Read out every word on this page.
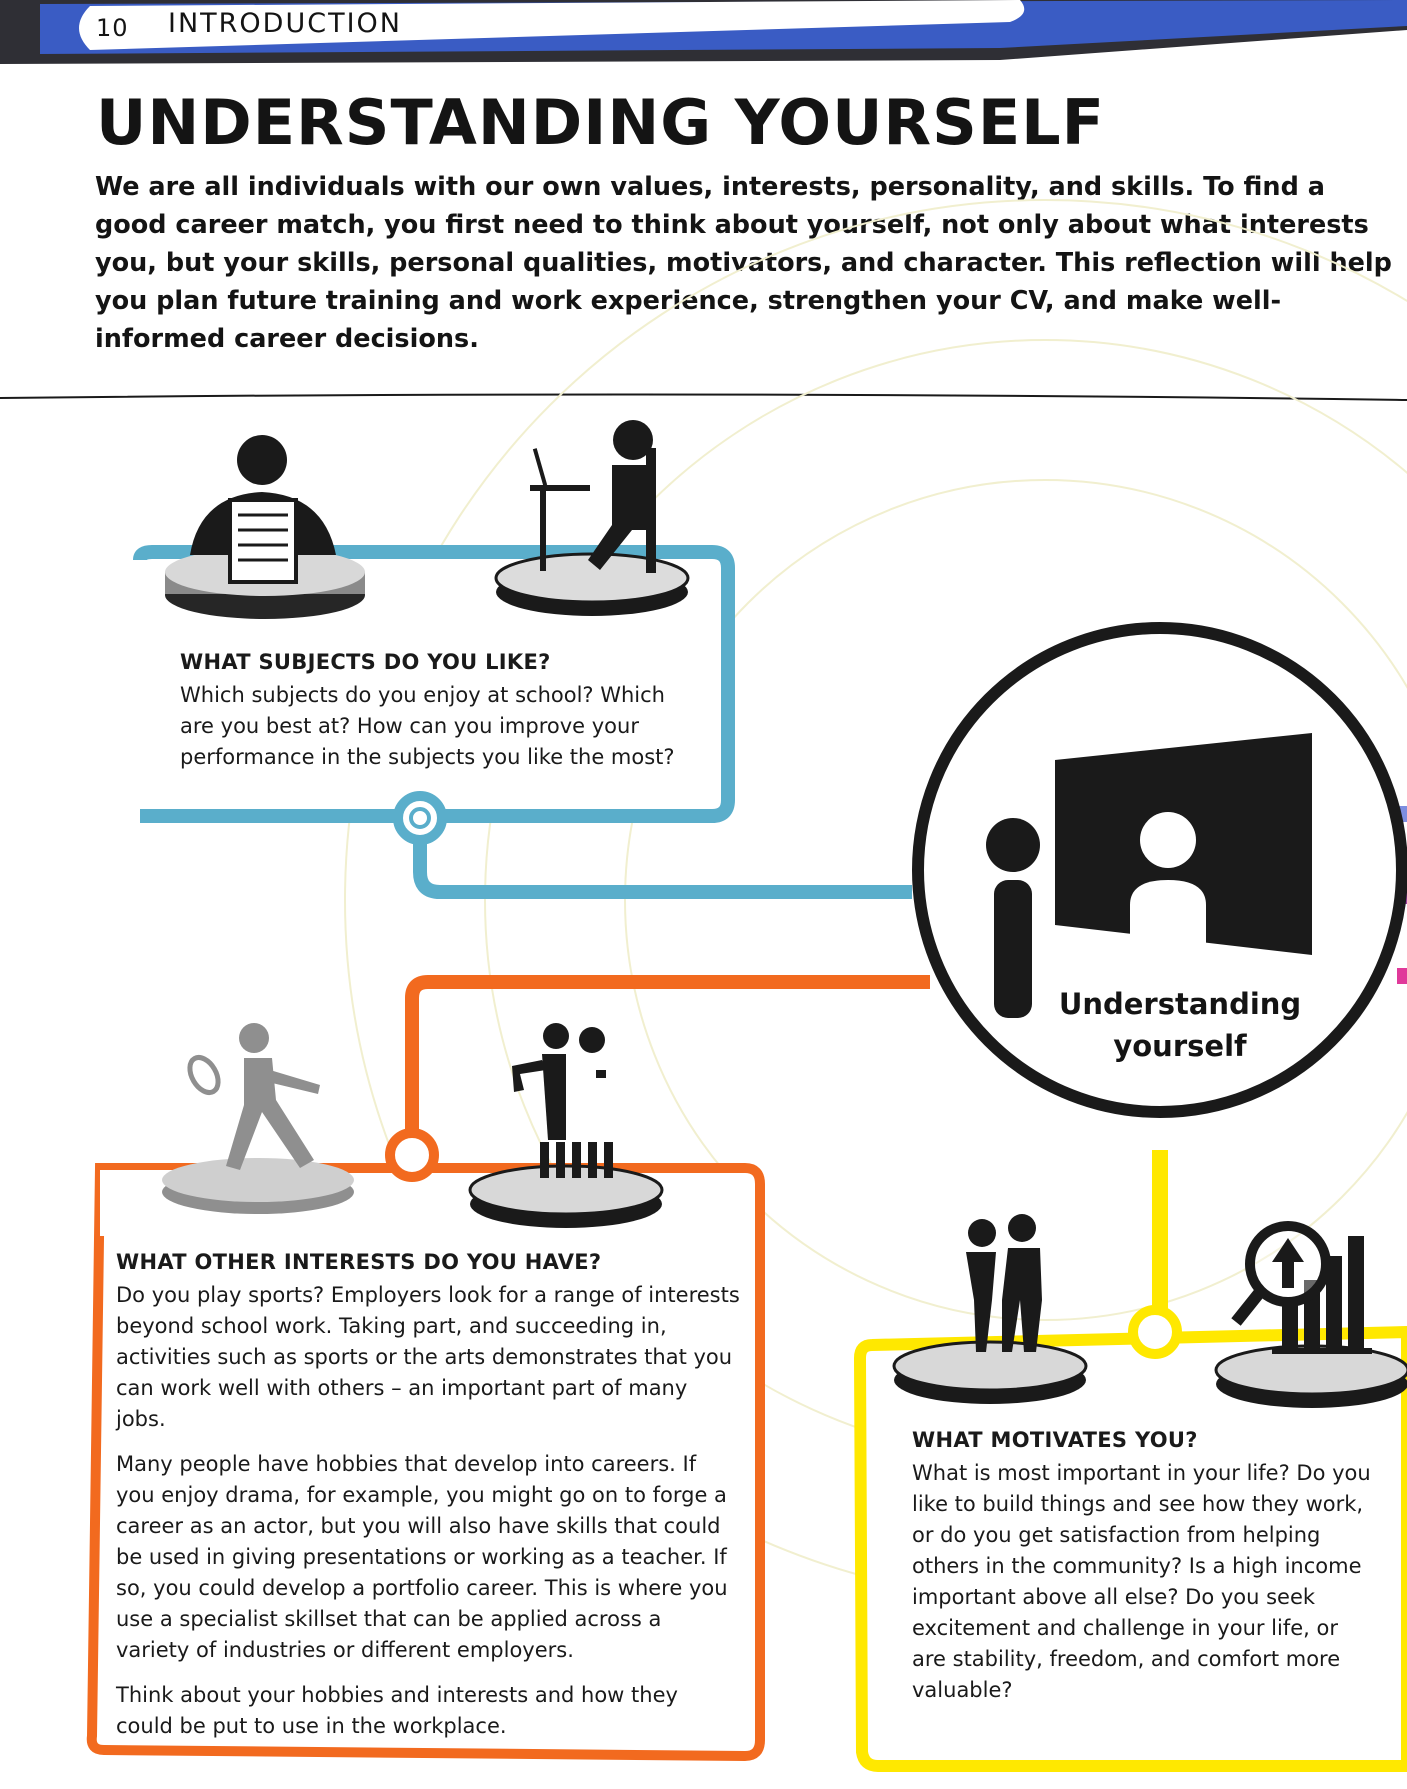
10 INTRODUCTION
UNDERSTANDING YOURSELF

We are all individuals with our own values, interests, personality, and skills. To find a good career match, you first need to think about yourself, not only about what interests you, but your skills, personal qualities, motivators, and character. This reflection will help you plan future training and work experience, strengthen your CV, and make well-informed career decisions.

Understanding
yourself
WHAT SUBJECTS DO YOU LIKE?

Which subjects do you enjoy at school? Which are you best at? How can you improve your performance in the subjects you like the most?

WHAT OTHER INTERESTS DO YOU HAVE?

Do you play sports? Employers look for a range of interests beyond school work. Taking part, and succeeding in, activities such as sports or the arts demonstrates that you can work well with others – an important part of many jobs.

Many people have hobbies that develop into careers. If you enjoy drama, for example, you might go on to forge a career as an actor, but you will also have skills that could be used in giving presentations or working as a teacher. If so, you could develop a portfolio career. This is where you use a specialist skillset that can be applied across a variety of industries or different employers.

Think about your hobbies and interests and how they could be put to use in the workplace.

WHAT MOTIVATES YOU?

What is most important in your life? Do you like to build things and see how they work, or do you get satisfaction from helping others in the community? Is a high income important above all else? Do you seek excitement and challenge in your life, or are stability, freedom, and comfort more valuable?
